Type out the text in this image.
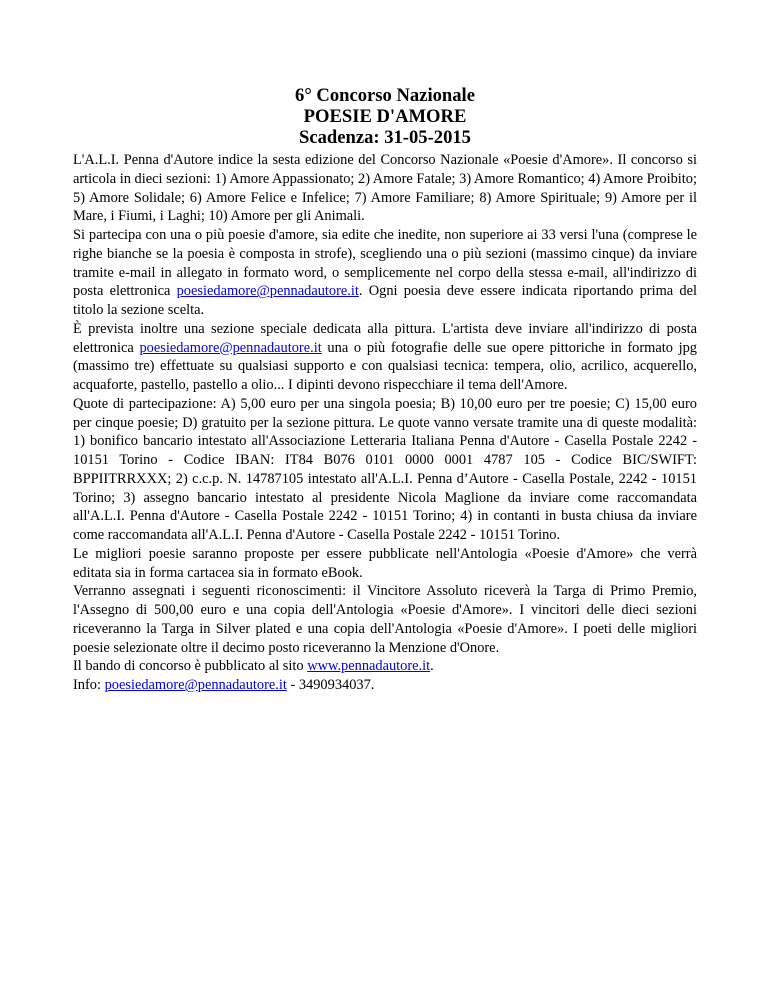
6° Concorso Nazionale
POESIE D'AMORE
Scadenza: 31-05-2015

L'A.L.I. Penna d'Autore indice la sesta edizione del Concorso Nazionale «Poesie d'Amore». Il concorso si articola in dieci sezioni: 1) Amore Appassionato; 2) Amore Fatale; 3) Amore Romantico; 4) Amore Proibito; 5) Amore Solidale; 6) Amore Felice e Infelice; 7) Amore Familiare; 8) Amore Spirituale; 9) Amore per il Mare, i Fiumi, i Laghi; 10) Amore per gli Animali.

Si partecipa con una o più poesie d'amore, sia edite che inedite, non superiore ai 33 versi l'una (comprese le righe bianche se la poesia è composta in strofe), scegliendo una o più sezioni (massimo cinque) da inviare tramite e-mail in allegato in formato word, o semplicemente nel corpo della stessa e-mail, all'indirizzo di posta elettronica poesiedamore@pennadautore.it. Ogni poesia deve essere indicata riportando prima del titolo la sezione scelta.

È prevista inoltre una sezione speciale dedicata alla pittura. L'artista deve inviare all'indirizzo di posta elettronica poesiedamore@pennadautore.it una o più fotografie delle sue opere pittoriche in formato jpg (massimo tre) effettuate su qualsiasi supporto e con qualsiasi tecnica: tempera, olio, acrilico, acquerello, acquaforte, pastello, pastello a olio... I dipinti devono rispecchiare il tema dell'Amore.

Quote di partecipazione: A) 5,00 euro per una singola poesia; B) 10,00 euro per tre poesie; C) 15,00 euro per cinque poesie; D) gratuito per la sezione pittura. Le quote vanno versate tramite una di queste modalità: 1) bonifico bancario intestato all'Associazione Letteraria Italiana Penna d'Autore - Casella Postale 2242 - 10151 Torino - Codice IBAN: IT84 B076 0101 0000 0001 4787 105 - Codice BIC/SWIFT: BPPIITRRXXX; 2) c.c.p. N. 14787105 intestato all'A.L.I. Penna d’Autore - Casella Postale, 2242 - 10151 Torino; 3) assegno bancario intestato al presidente Nicola Maglione da inviare come raccomandata all'A.L.I. Penna d'Autore - Casella Postale 2242 - 10151 Torino; 4) in contanti in busta chiusa da inviare come raccomandata all'A.L.I. Penna d'Autore - Casella Postale 2242 - 10151 Torino.

Le migliori poesie saranno proposte per essere pubblicate nell'Antologia «Poesie d'Amore» che verrà editata sia in forma cartacea sia in formato eBook.

Verranno assegnati i seguenti riconoscimenti: il Vincitore Assoluto riceverà la Targa di Primo Premio, l'Assegno di 500,00 euro e una copia dell'Antologia «Poesie d'Amore». I vincitori delle dieci sezioni riceveranno la Targa in Silver plated e una copia dell'Antologia «Poesie d'Amore». I poeti delle migliori poesie selezionate oltre il decimo posto riceveranno la Menzione d'Onore.

Il bando di concorso è pubblicato al sito www.pennadautore.it.

Info: poesiedamore@pennadautore.it - 3490934037.
